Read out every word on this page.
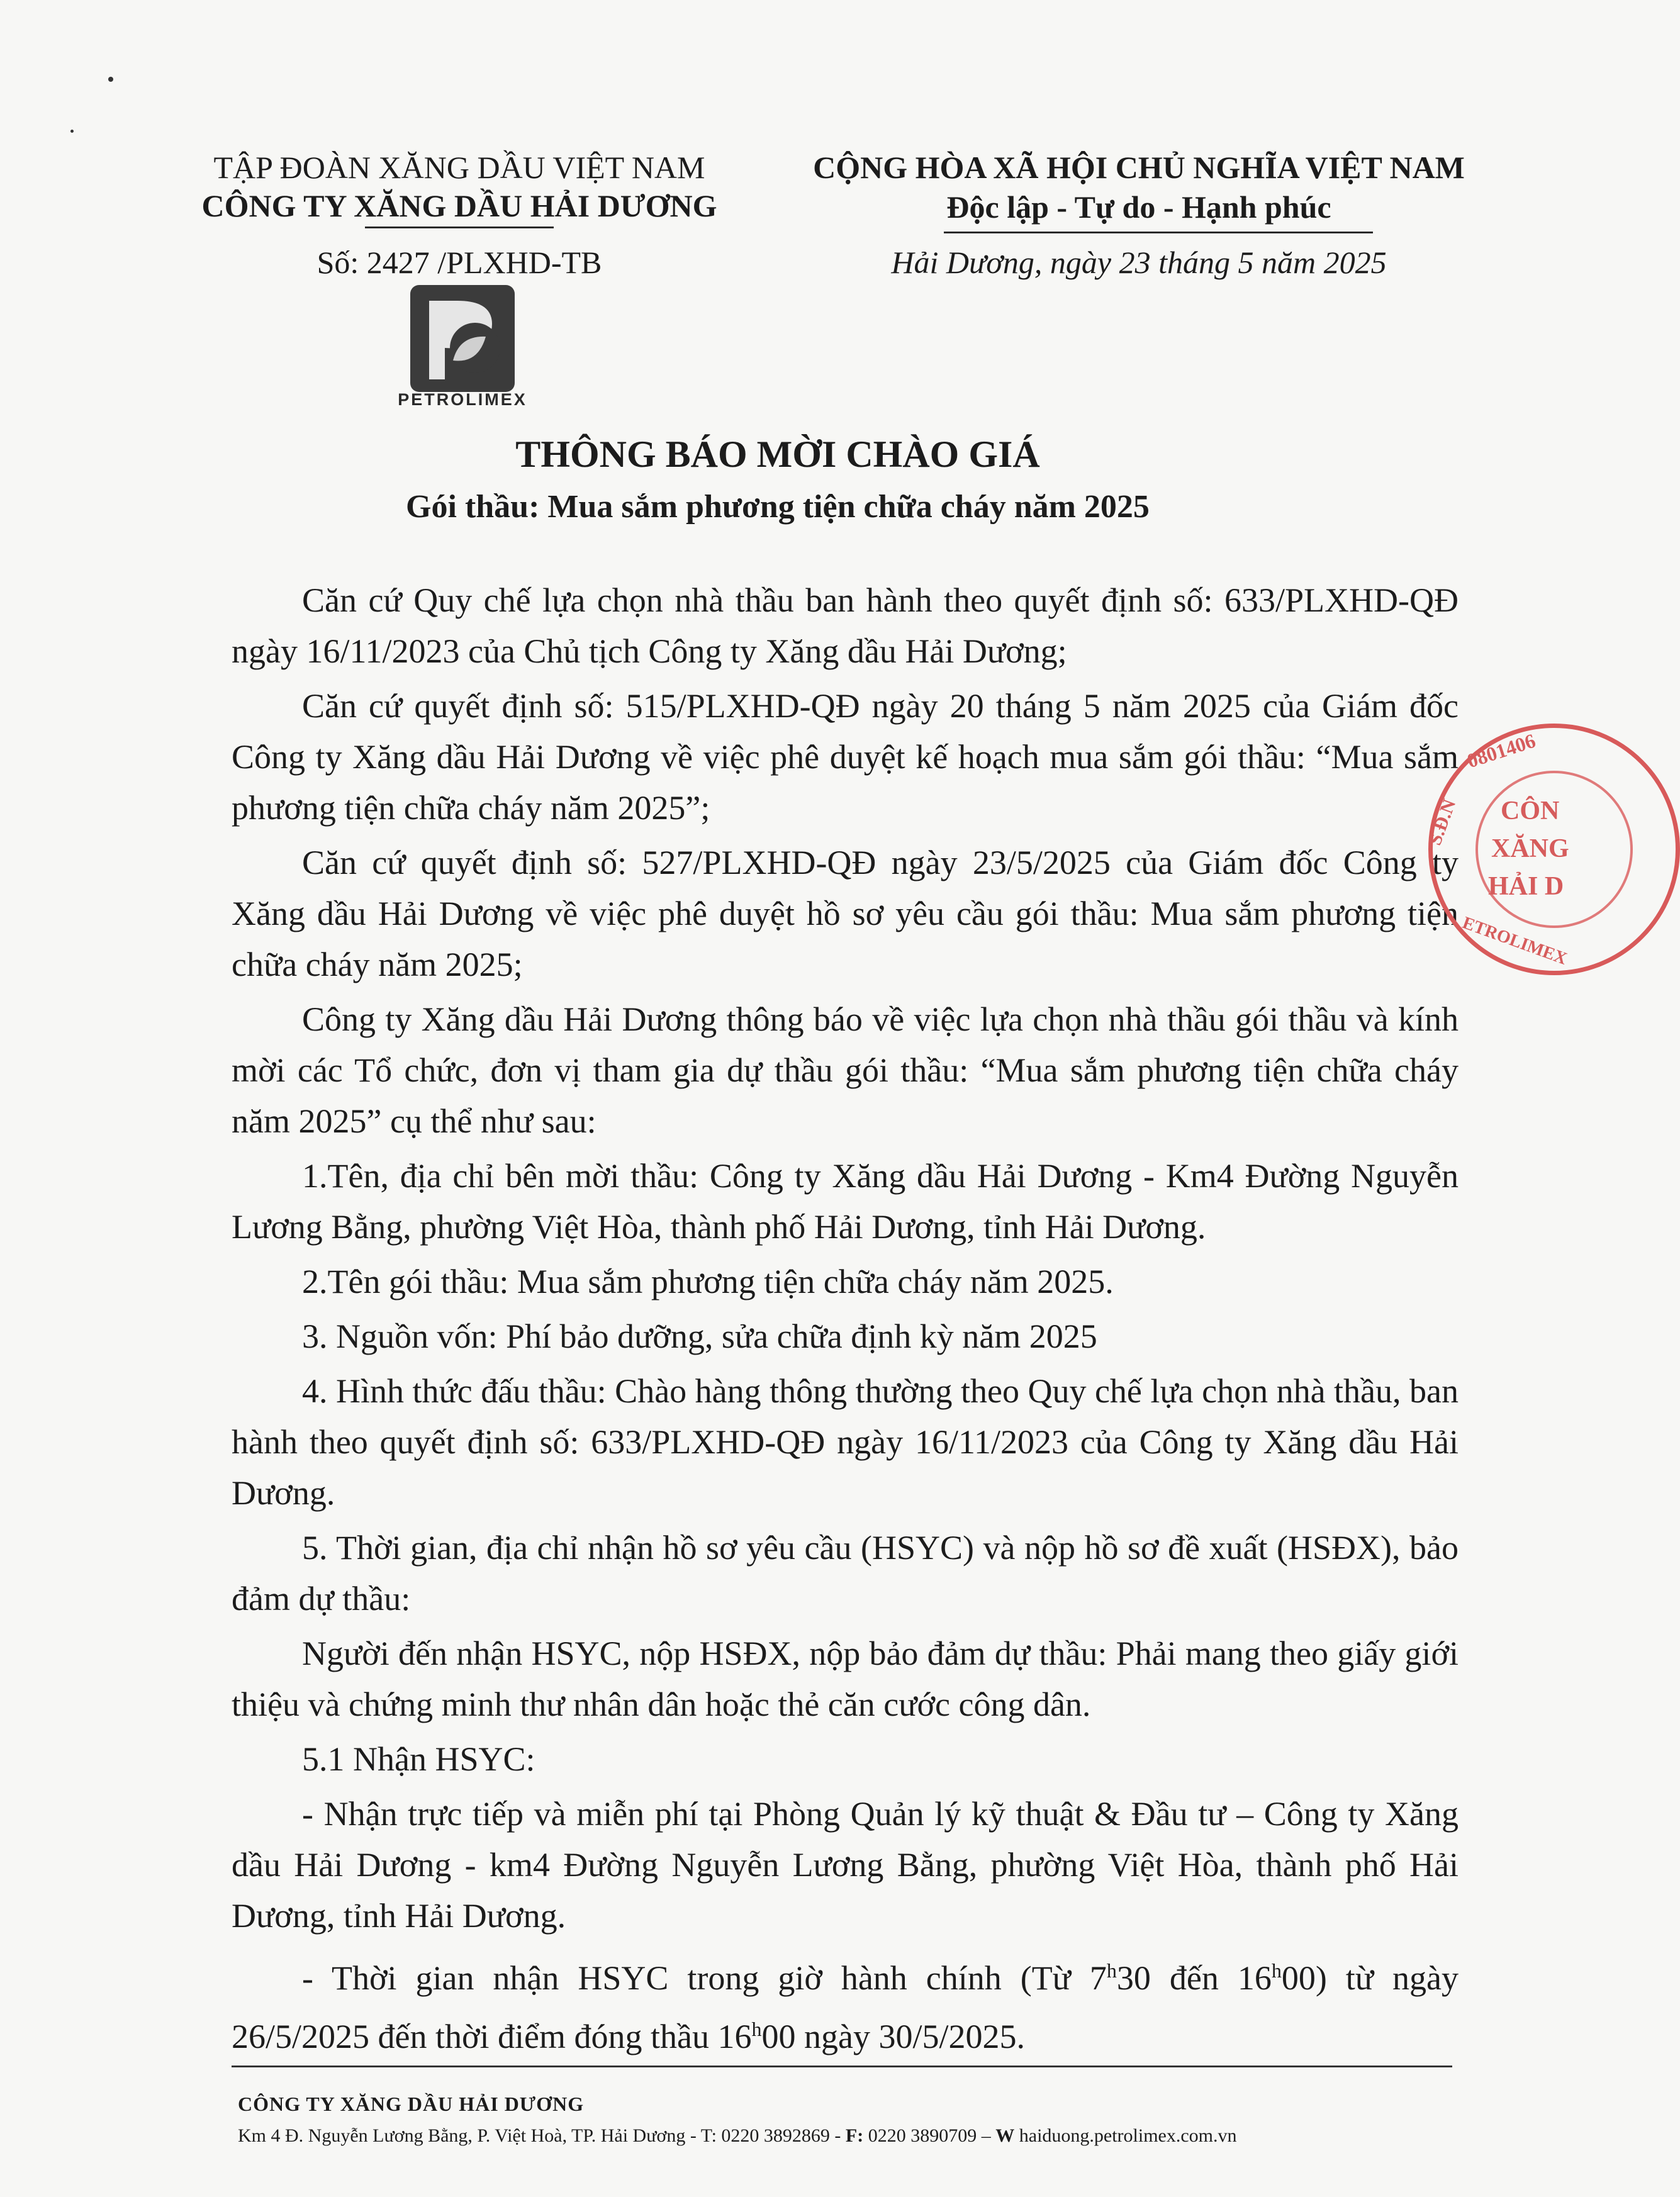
TẬP ĐOÀN XĂNG DẦU VIỆT NAM
CÔNG TY XĂNG DẦU HẢI DƯƠNG
Số: 2427 /PLXHD-TB
CỘNG HÒA XÃ HỘI CHỦ NGHĨA VIỆT NAM
Độc lập - Tự do - Hạnh phúc
Hải Dương, ngày 23 tháng 5 năm 2025
PETROLIMEX
THÔNG BÁO MỜI CHÀO GIÁ
Gói thầu: Mua sắm phương tiện chữa cháy năm 2025

Căn cứ Quy chế lựa chọn nhà thầu ban hành theo quyết định số: 633/PLXHD-QĐ ngày 16/11/2023 của Chủ tịch Công ty Xăng dầu Hải Dương;

Căn cứ quyết định số: 515/PLXHD-QĐ ngày 20 tháng 5 năm 2025 của Giám đốc Công ty Xăng dầu Hải Dương về việc phê duyệt kế hoạch mua sắm gói thầu: “Mua sắm phương tiện chữa cháy năm 2025”;

Căn cứ quyết định số: 527/PLXHD-QĐ ngày 23/5/2025 của Giám đốc Công ty Xăng dầu Hải Dương về việc phê duyệt hồ sơ yêu cầu gói thầu: Mua sắm phương tiện chữa cháy năm 2025;

Công ty Xăng dầu Hải Dương thông báo về việc lựa chọn nhà thầu gói thầu và kính mời các Tổ chức, đơn vị tham gia dự thầu gói thầu: “Mua sắm phương tiện chữa cháy năm 2025” cụ thể như sau:

1.Tên, địa chỉ bên mời thầu: Công ty Xăng dầu Hải Dương - Km4 Đường Nguyễn Lương Bằng, phường Việt Hòa, thành phố Hải Dương, tỉnh Hải Dương.

2.Tên gói thầu: Mua sắm phương tiện chữa cháy năm 2025.

3. Nguồn vốn: Phí bảo dưỡng, sửa chữa định kỳ năm 2025

4. Hình thức đấu thầu: Chào hàng thông thường theo Quy chế lựa chọn nhà thầu, ban hành theo quyết định số: 633/PLXHD-QĐ ngày 16/11/2023 của Công ty Xăng dầu Hải Dương.

5. Thời gian, địa chỉ nhận hồ sơ yêu cầu (HSYC) và nộp hồ sơ đề xuất (HSĐX), bảo đảm dự thầu:

Người đến nhận HSYC, nộp HSĐX, nộp bảo đảm dự thầu: Phải mang theo giấy giới thiệu và chứng minh thư nhân dân hoặc thẻ căn cước công dân.

5.1 Nhận HSYC:

- Nhận trực tiếp và miễn phí tại Phòng Quản lý kỹ thuật & Đầu tư – Công ty Xăng dầu Hải Dương - km4 Đường Nguyễn Lương Bằng, phường Việt Hòa, thành phố Hải Dương, tỉnh Hải Dương.

- Thời gian nhận HSYC trong giờ hành chính (Từ 7$^h$30 đến 16$^h$00) từ ngày 26/5/2025 đến thời điểm đóng thầu 16$^h$00 ngày 30/5/2025.

0801406
S.Đ.N CÔN
XĂNG
HẢI D
ETROLIMEX
CÔNG TY XĂNG DẦU HẢI DƯƠNG
Km 4 Đ. Nguyễn Lương Bằng, P. Việt Hoà, TP. Hải Dương - T: 0220 3892869 - F: 0220 3890709 – W haiduong.petrolimex.com.vn
